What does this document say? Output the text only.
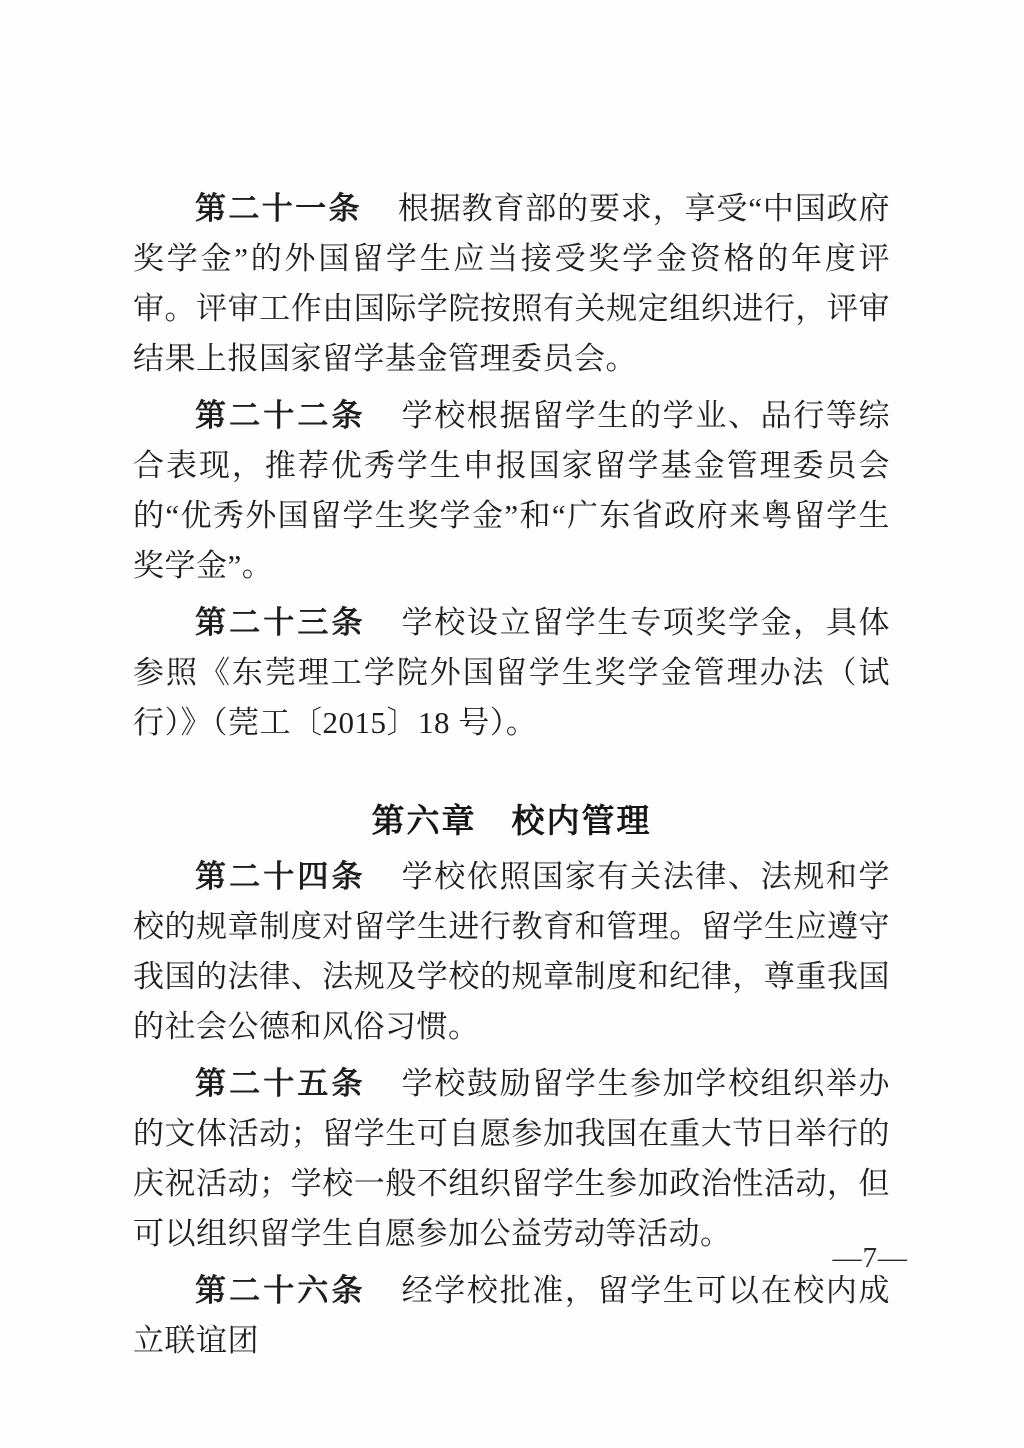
第二十一条 根据教育部的要求，享受“中国政府奖学金”的外国留学生应当接受奖学金资格的年度评审。评审工作由国际学院按照有关规定组织进行，评审结果上报国家留学基金管理委员会。

第二十二条 学校根据留学生的学业、品行等综合表现，推荐优秀学生申报国家留学基金管理委员会的“优秀外国留学生奖学金”和“广东省政府来粤留学生奖学金”。

第二十三条 学校设立留学生专项奖学金，具体参照《东莞理工学院外国留学生奖学金管理办法（试行）》（莞工〔2015〕18 号）。

第六章　校内管理

第二十四条 学校依照国家有关法律、法规和学校的规章制度对留学生进行教育和管理。留学生应遵守我国的法律、法规及学校的规章制度和纪律，尊重我国的社会公德和风俗习惯。

第二十五条 学校鼓励留学生参加学校组织举办的文体活动；留学生可自愿参加我国在重大节日举行的庆祝活动；学校一般不组织留学生参加政治性活动，但可以组织留学生自愿参加公益劳动等活动。

第二十六条 经学校批准，留学生可以在校内成立联谊团

—7—
